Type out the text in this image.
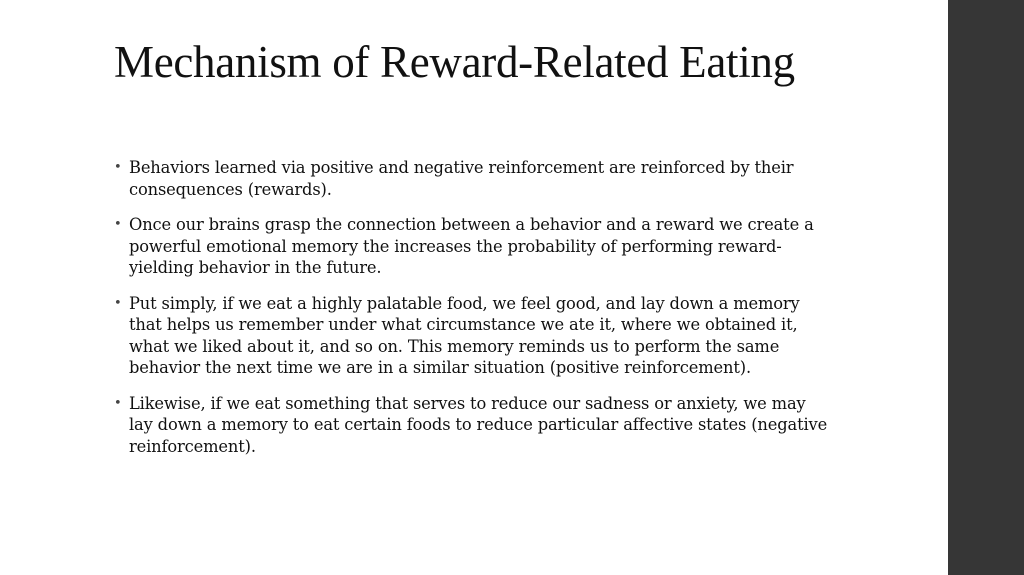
Mechanism of Reward-Related Eating
• Behaviors learned via positive and negative reinforcement are reinforced by their consequences (rewards).
• Once our brains grasp the connection between a behavior and a reward we create a powerful emotional memory the increases the probability of performing reward-yielding behavior in the future.
• Put simply, if we eat a highly palatable food, we feel good, and lay down a memory that helps us remember under what circumstance we ate it, where we obtained it, what we liked about it, and so on. This memory reminds us to perform the same behavior the next time we are in a similar situation (positive reinforcement).
• Likewise, if we eat something that serves to reduce our sadness or anxiety, we may lay down a memory to eat certain foods to reduce particular affective states (negative reinforcement).
